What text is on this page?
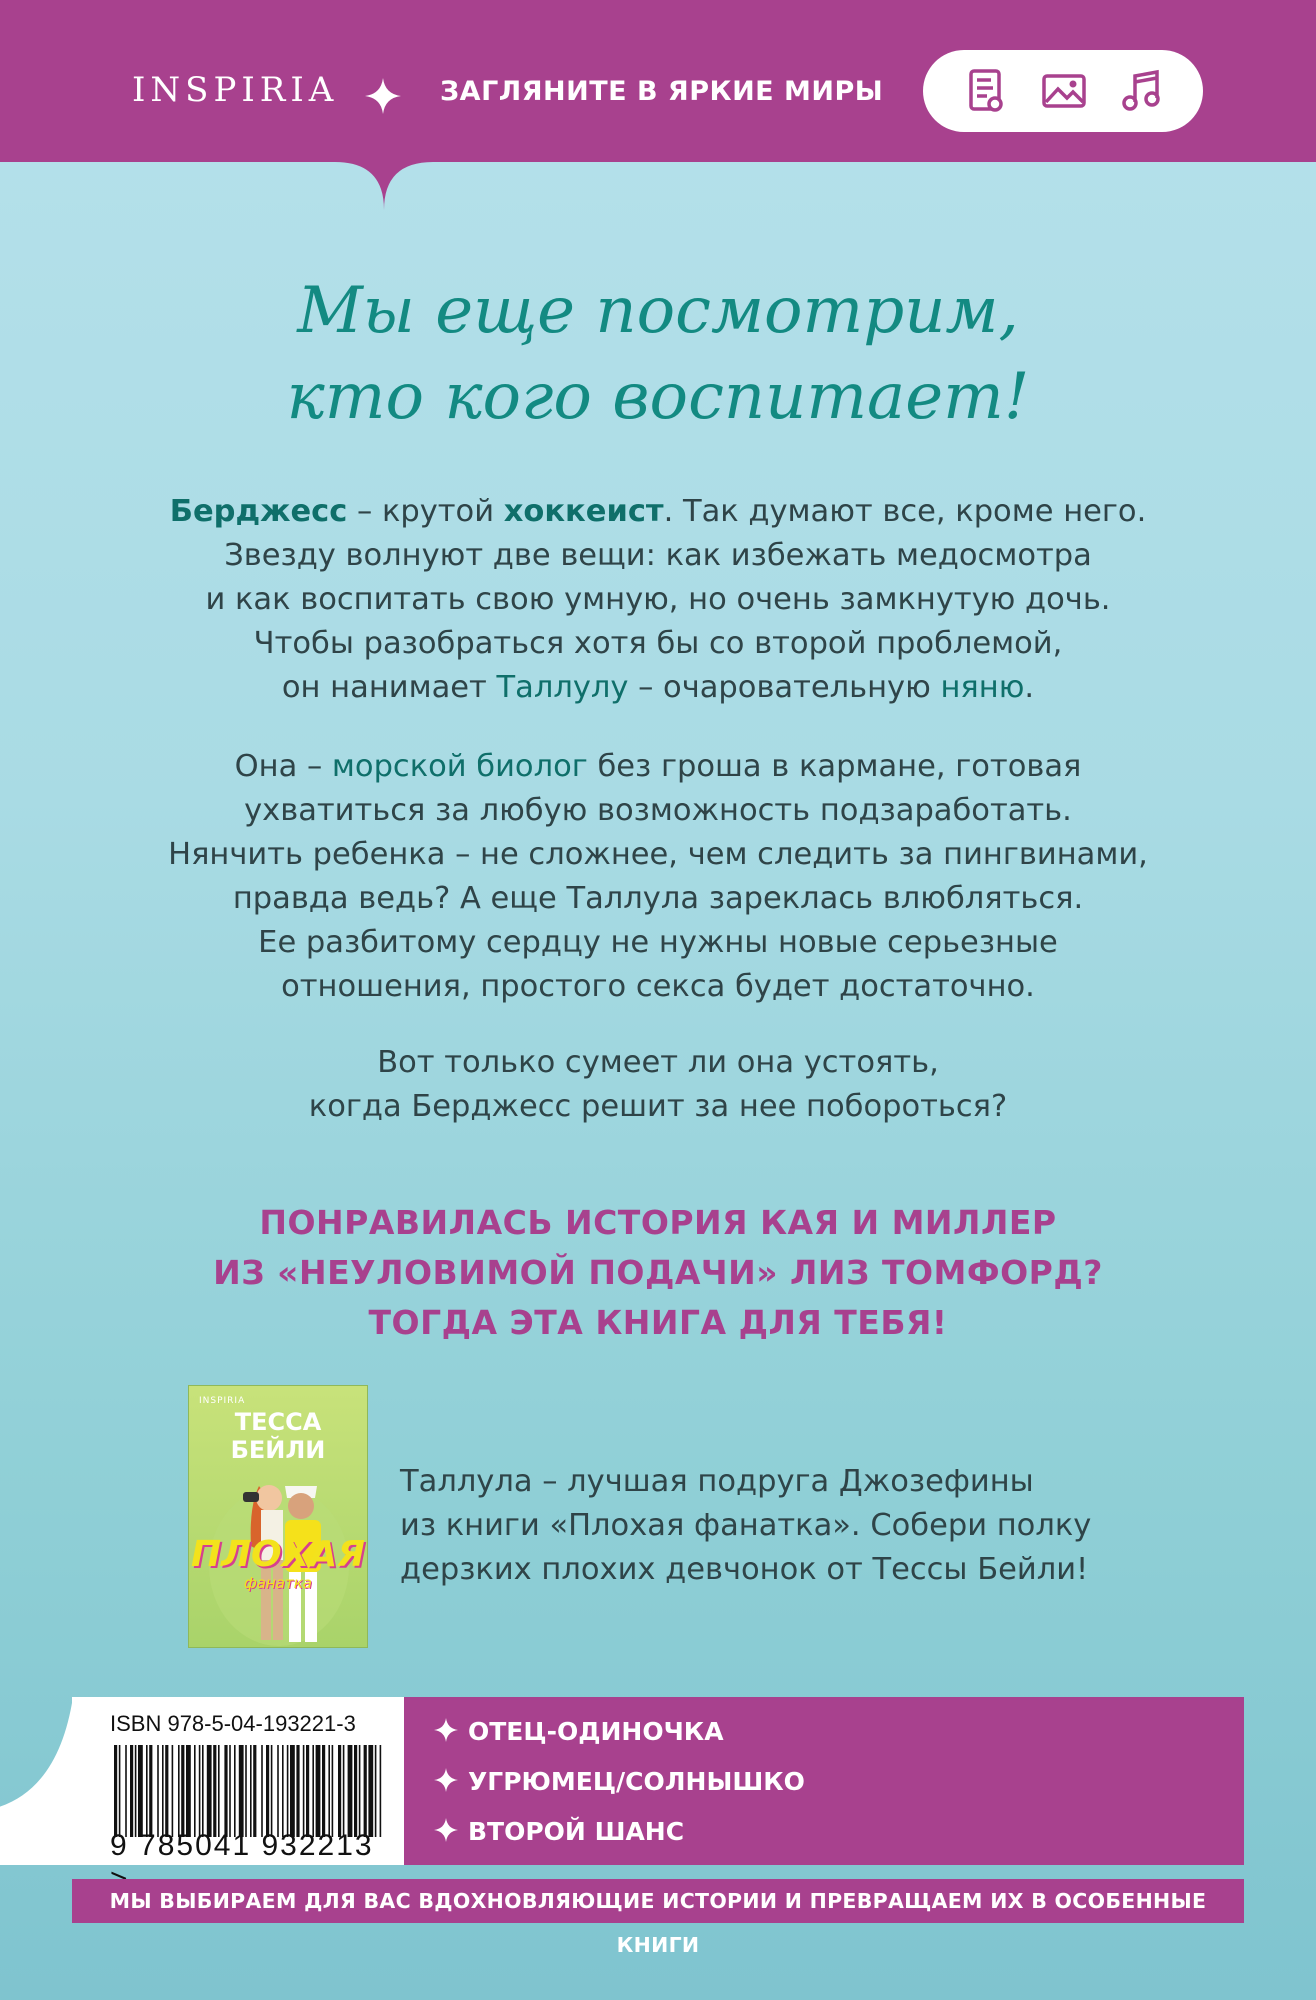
INSPIRIA	ЗАГЛЯНИТЕ В ЯРКИЕ МИРЫ
Мы еще посмотрим,
кто кого воспитает!
Берджесс – крутой хоккеист. Так думают все, кроме него.
Звезду волнуют две вещи: как избежать медосмотра
и как воспитать свою умную, но очень замкнутую дочь.
Чтобы разобраться хотя бы со второй проблемой,
он нанимает Таллулу – очаровательную няню.
Она – морской биолог без гроша в кармане, готовая
ухватиться за любую возможность подзаработать.
Нянчить ребенка – не сложнее, чем следить за пингвинами,
правда ведь? А еще Таллула зареклась влюбляться.
Ее разбитому сердцу не нужны новые серьезные
отношения, простого секса будет достаточно.
Вот только сумеет ли она устоять,
когда Берджесс решит за нее побороться?
ПОНРАВИЛАСЬ ИСТОРИЯ КАЯ И МИЛЛЕР
ИЗ «НЕУЛОВИМОЙ ПОДАЧИ» ЛИЗ ТОМФОРД?
ТОГДА ЭТА КНИГА ДЛЯ ТЕБЯ!
INSPIRIA
ТЕССА БЕЙЛИ
ПЛОХАЯ
фанатка
Таллула – лучшая подруга Джозефины
из книги «Плохая фанатка». Собери полку
дерзких плохих девчонок от Тессы Бейли!
ISBN 978-5-04-193221-3
9 785041 932213
ОТЕЦ-ОДИНОЧКА
УГРЮМЕЦ/СОЛНЫШКО
ВТОРОЙ ШАНС
МЫ ВЫБИРАЕМ ДЛЯ ВАС ВДОХНОВЛЯЮЩИЕ ИСТОРИИ И ПРЕВРАЩАЕМ ИХ В ОСОБЕННЫЕ КНИГИ
